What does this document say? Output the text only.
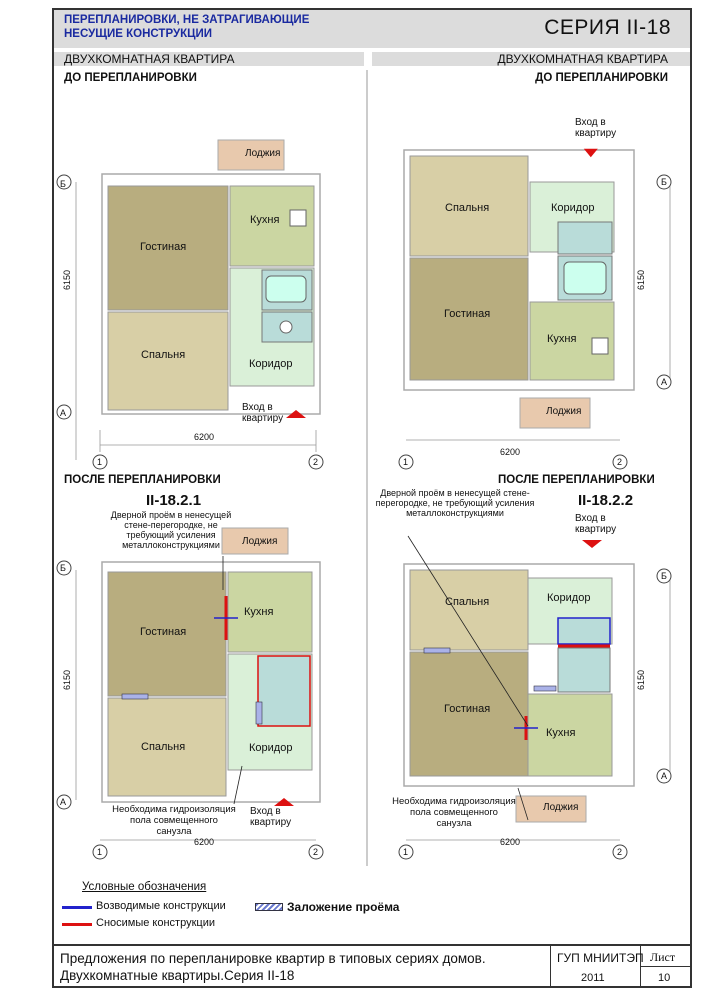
ПЕРЕПЛАНИРОВКИ, НЕ ЗАТРАГИВАЮЩИЕ
НЕСУЩИЕ КОНСТРУКЦИИ	СЕРИЯ II-18
ДВУХКОМНАТНАЯ КВАРТИРА	ДВУХКОМНАТНАЯ КВАРТИРА
ДО ПЕРЕПЛАНИРОВКИ	ДО ПЕРЕПЛАНИРОВКИ
ПОСЛЕ ПЕРЕПЛАНИРОВКИ	ПОСЛЕ ПЕРЕПЛАНИРОВКИ
II-18.2.1	II-18.2.2
Б
А
1	2
6200
6150
Гостиная
Спальня
Кухня
Коридор
Лоджия
Вход в
квартиру
Б
А
1	2
6200
6150
Спальня
Гостиная
Коридор
Кухня
Лоджия
Вход в
квартиру
Б
А
1	2
6200
6150
Гостиная
Спальня
Кухня
Коридор
Лоджия
Вход в
квартиру
Дверной проём в ненесущей стене-перегородке, не требующий усиления металлоконструкциями
Необходима гидроизоляция пола совмещенного санузла
Б
А
1	2
6200
6150
Спальня
Гостиная
Коридор
Кухня
Лоджия
Вход в
квартиру
Дверной проём в ненесущей стене-перегородке, не требующий усиления металлоконструкциями
Необходима гидроизоляция пола совмещенного санузла
Условные обозначения
Возводимые конструкции
Сносимые конструкции
Заложение проёма
Предложения по перепланировке квартир в типовых сериях домов.
Двухкомнатные квартиры.Серия II-18
ГУП МНИИТЭП
2011
Лист
10
